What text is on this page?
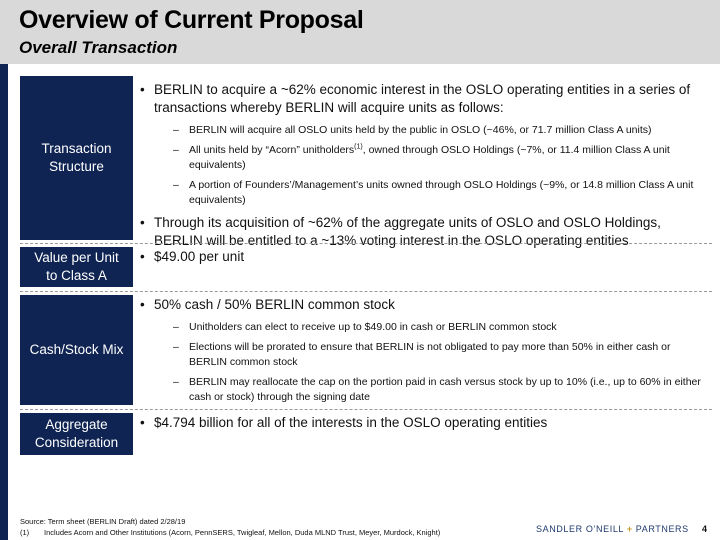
Overview of Current Proposal
Overall Transaction
Transaction Structure
• BERLIN to acquire a ~62% economic interest in the OSLO operating entities in a series of transactions whereby BERLIN will acquire units as follows:
– BERLIN will acquire all OSLO units held by the public in OSLO (~46%, or 71.7 million Class A units)
– All units held by “Acorn” unitholders$^{(1)}$, owned through OSLO Holdings (~7%, or 11.4 million Class A unit equivalents)
– A portion of Founders’/Management’s units owned through OSLO Holdings (~9%, or 14.8 million Class A unit equivalents)
• Through its acquisition of ~62% of the aggregate units of OSLO and OSLO Holdings, BERLIN will be entitled to a ~13% voting interest in the OSLO operating entities
Value per Unit to Class A
• $49.00 per unit
Cash/Stock Mix
• 50% cash / 50% BERLIN common stock
– Unitholders can elect to receive up to $49.00 in cash or BERLIN common stock
– Elections will be prorated to ensure that BERLIN is not obligated to pay more than 50% in either cash or BERLIN common stock
– BERLIN may reallocate the cap on the portion paid in cash versus stock by up to 10% (i.e., up to 60% in either cash or stock) through the signing date
Aggregate Consideration
• $4.794 billion for all of the interests in the OSLO operating entities
Source: Term sheet (BERLIN Draft) dated 2/28/19
(1) Includes Acorn and Other Institutions (Acorn, PennSERS, Twigleaf, Mellon, Duda MLND Trust, Meyer, Murdock, Knight)	SANDLER O’NEILL + PARTNERS 4
